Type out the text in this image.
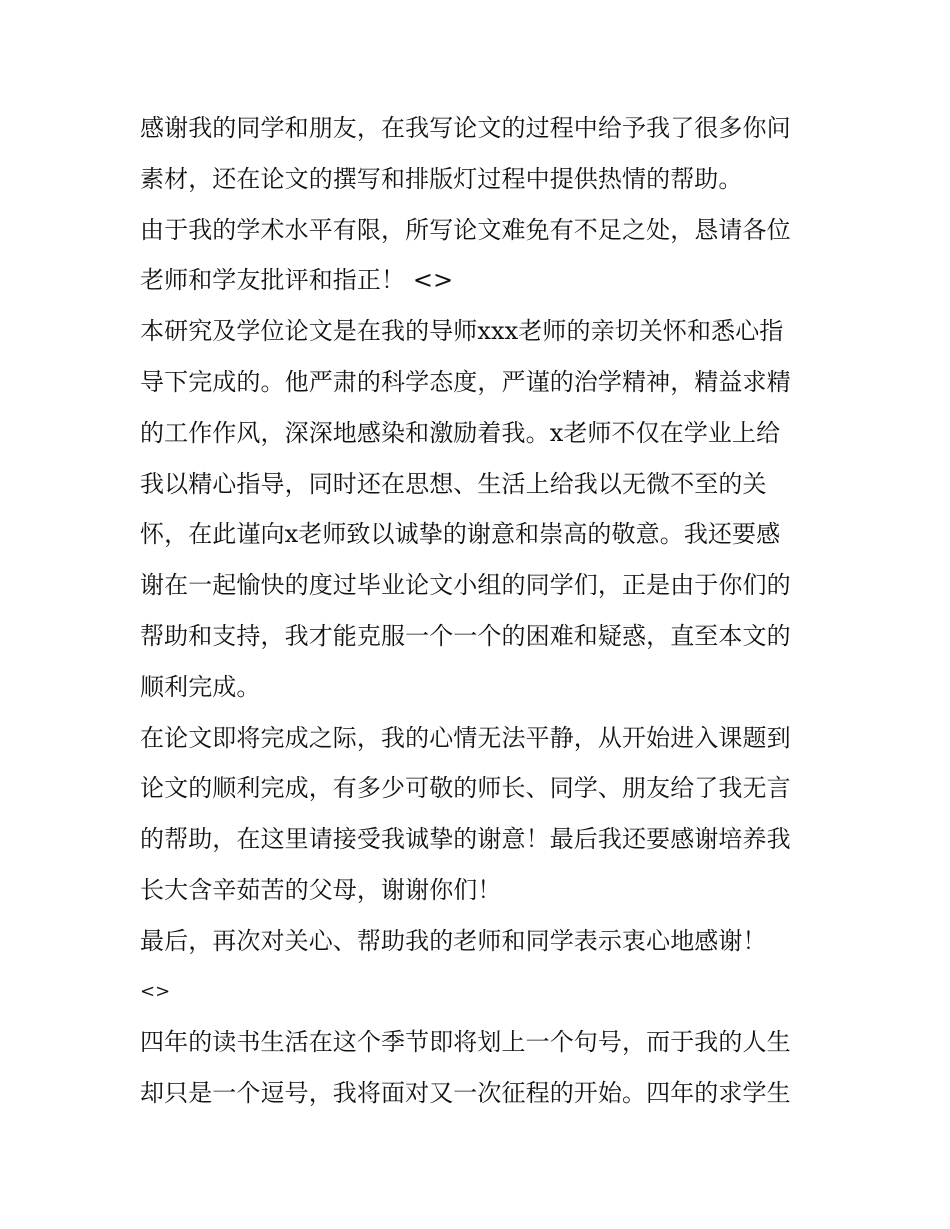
感谢我的同学和朋友，在我写论文的过程中给予我了很多你问
素材，还在论文的撰写和排版灯过程中提供热情的帮助。
由于我的学术水平有限，所写论文难免有不足之处，恳请各位
老师和学友批评和指正！ <>
本研究及学位论文是在我的导师xxx老师的亲切关怀和悉心指
导下完成的。他严肃的科学态度，严谨的治学精神，精益求精
的工作作风，深深地感染和激励着我。x老师不仅在学业上给
我以精心指导，同时还在思想、生活上给我以无微不至的关
怀，在此谨向x老师致以诚挚的谢意和崇高的敬意。我还要感
谢在一起愉快的度过毕业论文小组的同学们，正是由于你们的
帮助和支持，我才能克服一个一个的困难和疑惑，直至本文的
顺利完成。
在论文即将完成之际，我的心情无法平静，从开始进入课题到
论文的顺利完成，有多少可敬的师长、同学、朋友给了我无言
的帮助，在这里请接受我诚挚的谢意！最后我还要感谢培养我
长大含辛茹苦的父母，谢谢你们！
最后，再次对关心、帮助我的老师和同学表示衷心地感谢！
<>
四年的读书生活在这个季节即将划上一个句号，而于我的人生
却只是一个逗号，我将面对又一次征程的开始。四年的求学生
